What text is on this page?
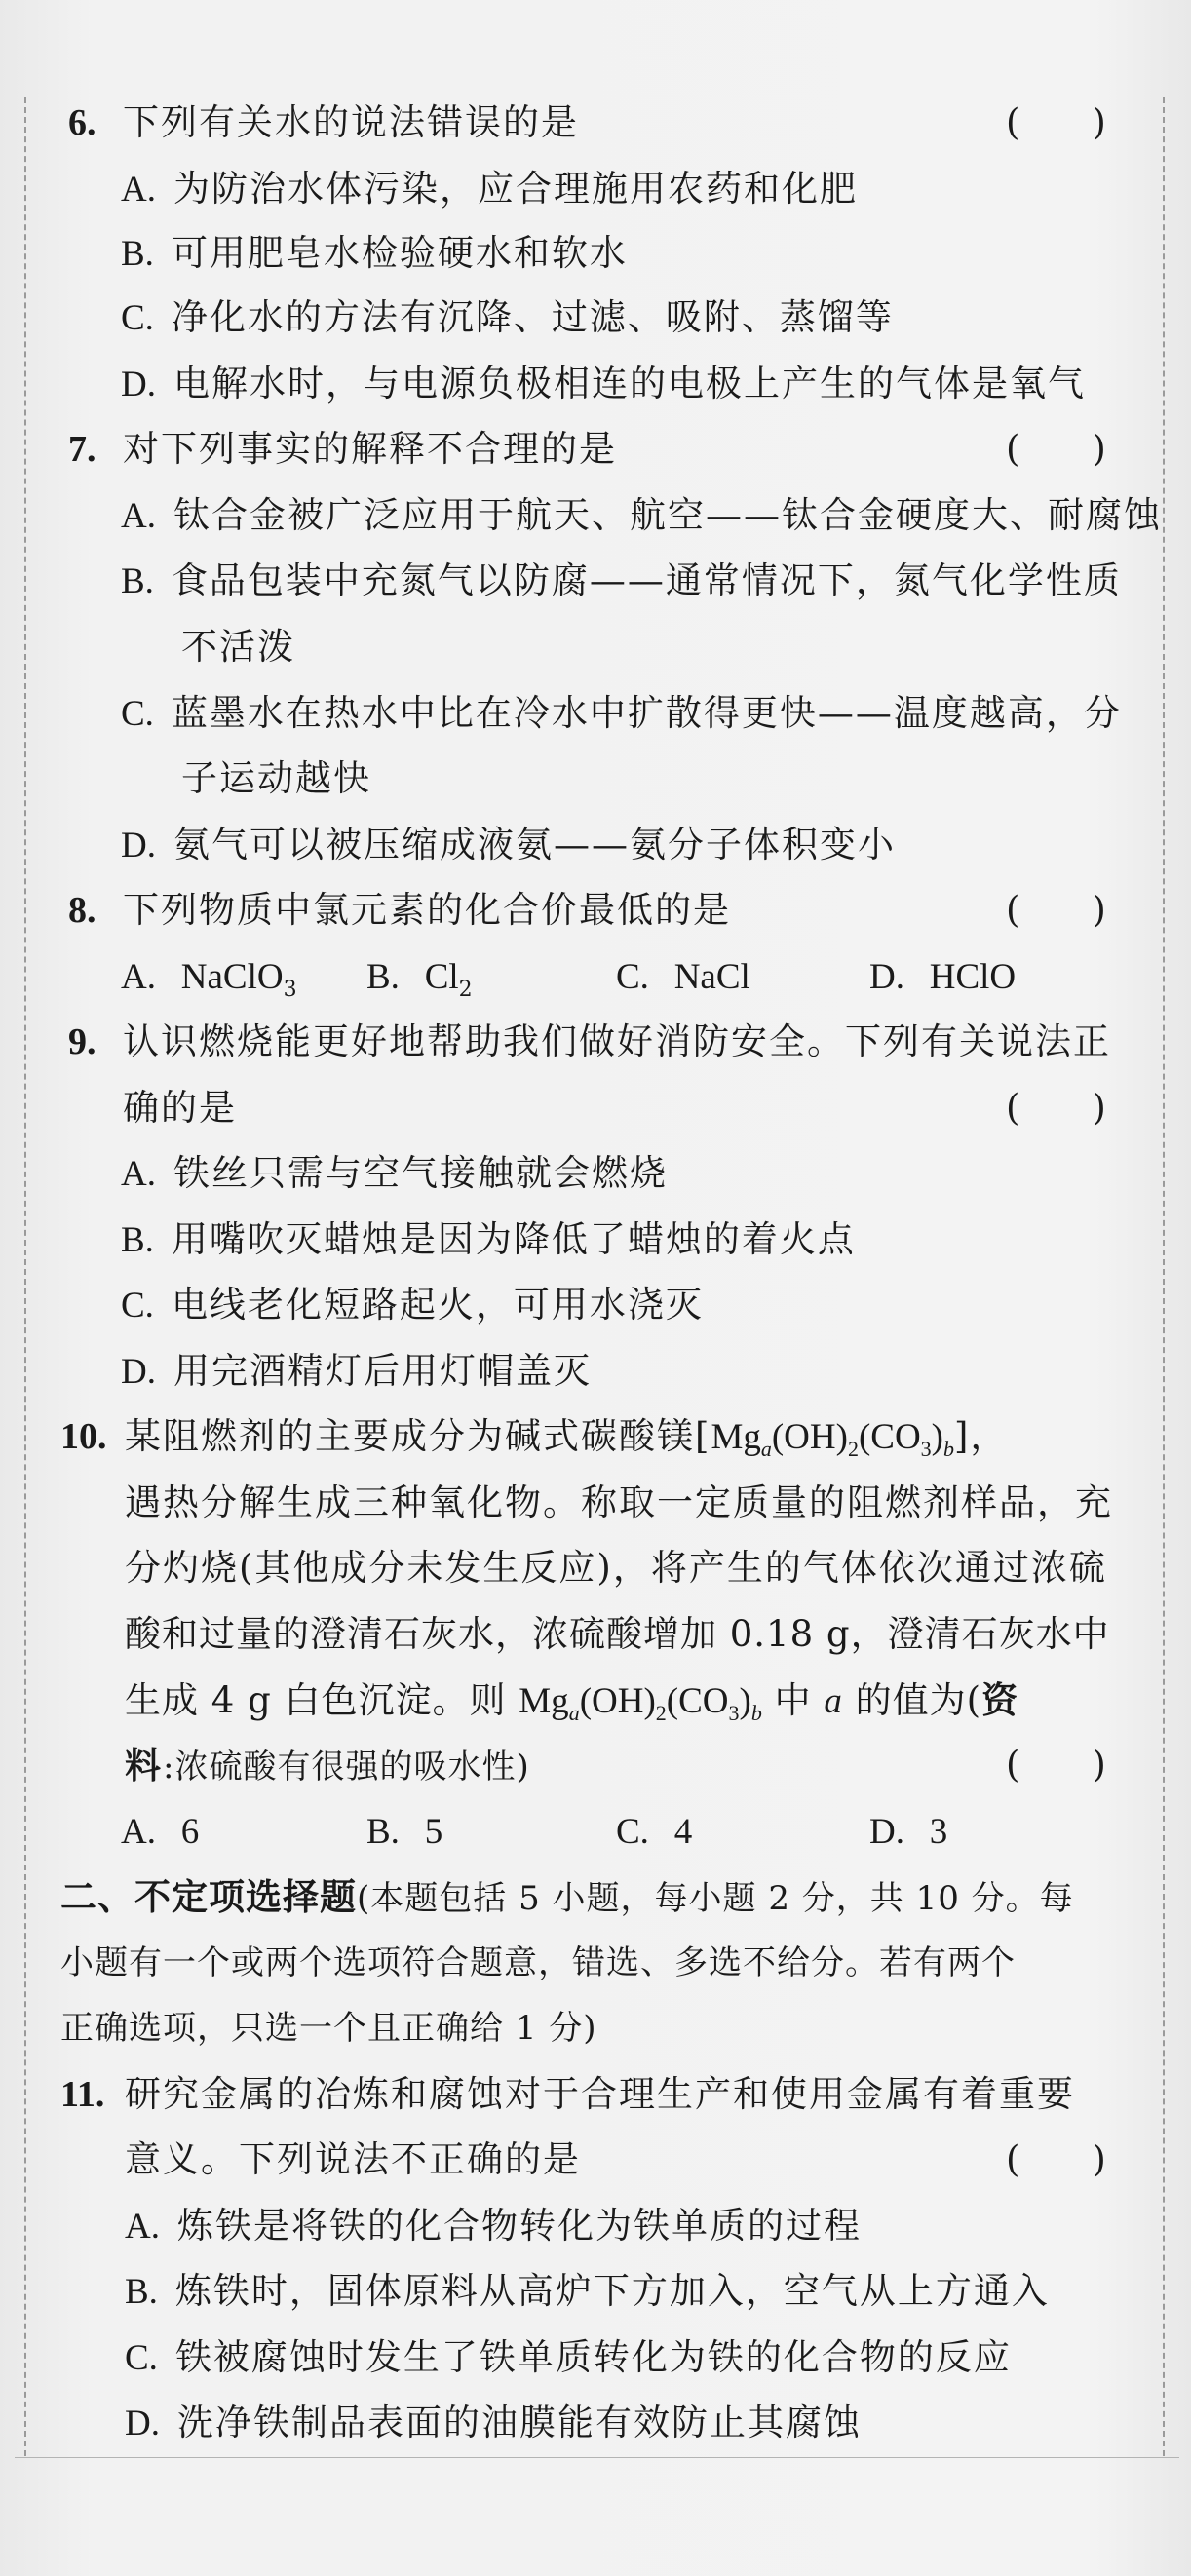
6. 下列有关水的说法错误的是	(　　)
A. 为防治水体污染，应合理施用农药和化肥
B. 可用肥皂水检验硬水和软水
C. 净化水的方法有沉降、过滤、吸附、蒸馏等
D. 电解水时，与电源负极相连的电极上产生的气体是氧气
7. 对下列事实的解释不合理的是	(　　)
A. 钛合金被广泛应用于航天、航空——钛合金硬度大、耐腐蚀
B. 食品包装中充氮气以防腐——通常情况下，氮气化学性质
不活泼
C. 蓝墨水在热水中比在冷水中扩散得更快——温度越高，分
子运动越快
D. 氨气可以被压缩成液氨——氨分子体积变小
8. 下列物质中氯元素的化合价最低的是	(　　)
A. NaClO$_3$ B. $Cl_2$	C. NaCl	D. HClO
9. 认识燃烧能更好地帮助我们做好消防安全。下列有关说法正
确的是	(　　)
A. 铁丝只需与空气接触就会燃烧
B. 用嘴吹灭蜡烛是因为降低了蜡烛的着火点
C. 电线老化短路起火，可用水浇灭
D. 用完酒精灯后用灯帽盖灭
10. 某阻燃剂的主要成分为碱式碳酸镁$[Mg_a(OH)_2(CO_3)_b]$，
遇热分解生成三种氧化物。称取一定质量的阻燃剂样品，充
分灼烧(其他成分未发生反应)，将产生的气体依次通过浓硫
酸和过量的澄清石灰水，浓硫酸增加 0.18 g，澄清石灰水中
生成 4 g 白色沉淀。则 $Mg_a(OH)_2(CO_3)_b$ 中 a 的值为(资
料:浓硫酸有很强的吸水性)	(　　)
A. 6	B. 5	C. 4	D. 3
二、不定项选择题(本题包括 5 小题，每小题 2 分，共 10 分。每
小题有一个或两个选项符合题意，错选、多选不给分。若有两个
正确选项，只选一个且正确给 1 分)
11. 研究金属的冶炼和腐蚀对于合理生产和使用金属有着重要
意义。下列说法不正确的是	(　　)
A. 炼铁是将铁的化合物转化为铁单质的过程
B. 炼铁时，固体原料从高炉下方加入，空气从上方通入
C. 铁被腐蚀时发生了铁单质转化为铁的化合物的反应
D. 洗净铁制品表面的油膜能有效防止其腐蚀
